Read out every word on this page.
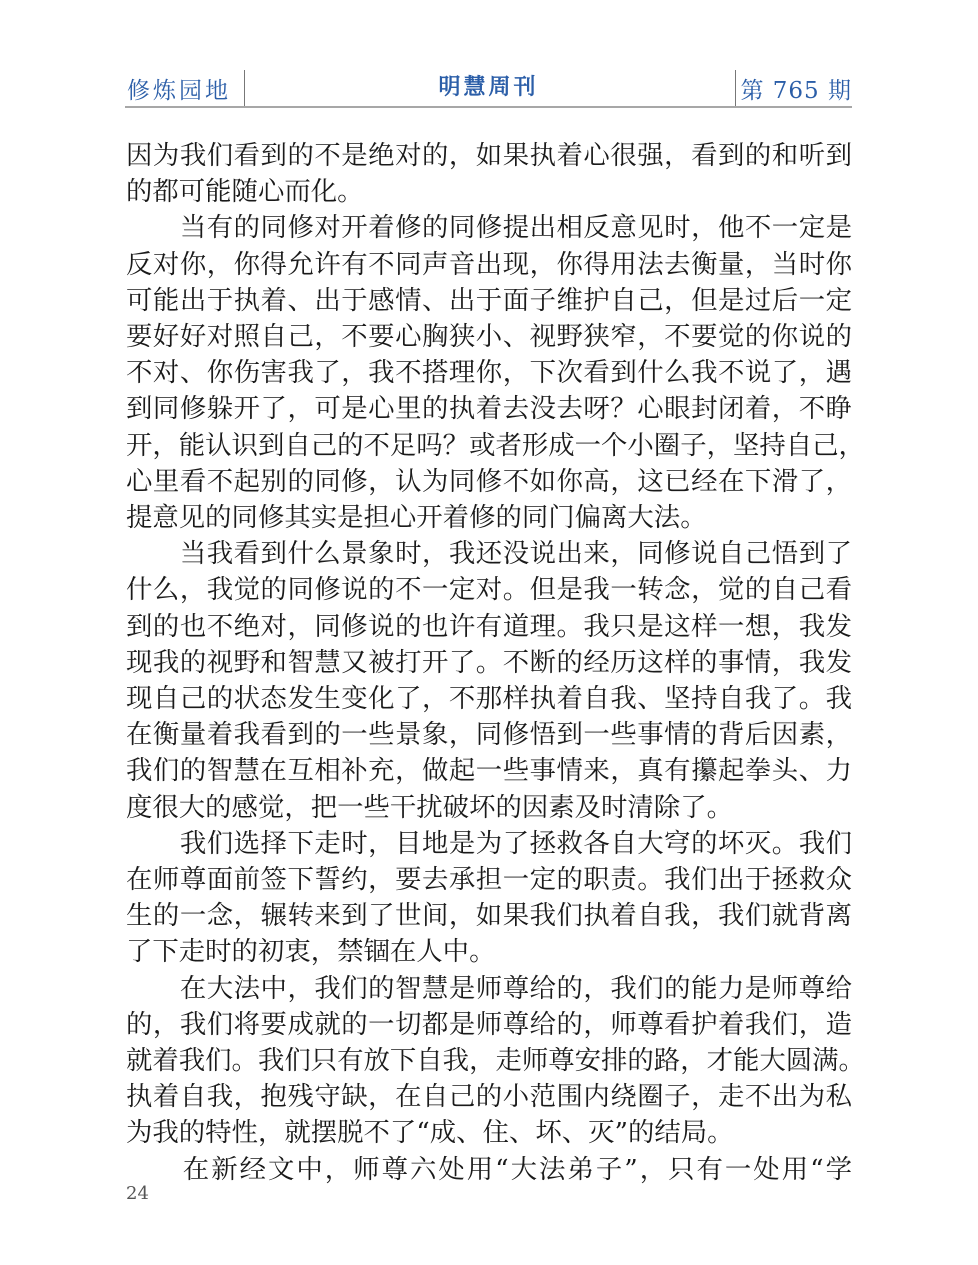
修炼园地	明慧周刊	第 765 期
因为我们看到的不是绝对的，如果执着心很强，看到的和听到
的都可能随心而化。
　　当有的同修对开着修的同修提出相反意见时，他不一定是
反对你，你得允许有不同声音出现，你得用法去衡量，当时你
可能出于执着、出于感情、出于面子维护自己，但是过后一定
要好好对照自己，不要心胸狭小、视野狭窄，不要觉的你说的
不对、你伤害我了，我不搭理你，下次看到什么我不说了，遇
到同修躲开了，可是心里的执着去没去呀？心眼封闭着，不睁
开，能认识到自己的不足吗？或者形成一个小圈子，坚持自己，
心里看不起别的同修，认为同修不如你高，这已经在下滑了，
提意见的同修其实是担心开着修的同门偏离大法。
　　当我看到什么景象时，我还没说出来，同修说自己悟到了
什么，我觉的同修说的不一定对。但是我一转念，觉的自己看
到的也不绝对，同修说的也许有道理。我只是这样一想，我发
现我的视野和智慧又被打开了。不断的经历这样的事情，我发
现自己的状态发生变化了，不那样执着自我、坚持自我了。我
在衡量着我看到的一些景象，同修悟到一些事情的背后因素，
我们的智慧在互相补充，做起一些事情来，真有攥起拳头、力
度很大的感觉，把一些干扰破坏的因素及时清除了。
　　我们选择下走时，目地是为了拯救各自大穹的坏灭。我们
在师尊面前签下誓约，要去承担一定的职责。我们出于拯救众
生的一念，辗转来到了世间，如果我们执着自我，我们就背离
了下走时的初衷，禁锢在人中。
　　在大法中，我们的智慧是师尊给的，我们的能力是师尊给
的，我们将要成就的一切都是师尊给的，师尊看护着我们，造
就着我们。我们只有放下自我，走师尊安排的路，才能大圆满。
执着自我，抱残守缺，在自己的小范围内绕圈子，走不出为私
为我的特性，就摆脱不了“成、住、坏、灭”的结局。
　　在新经文中，师尊六处用“大法弟子”，只有一处用“学
24
